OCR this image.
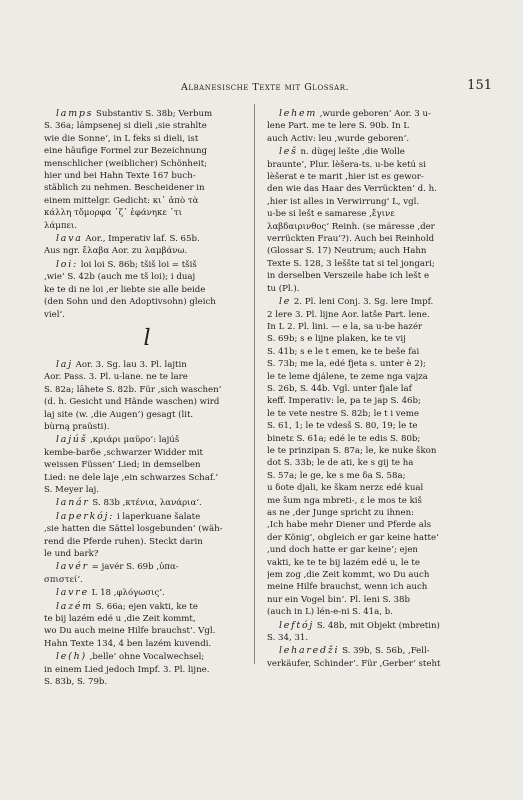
Albanesische Texte mit Glossar.	151
lamps Substantiv S. 38b; Verbum
S. 36a; lámpsenej si dieli ,sie strahlte
wie die Sonne‘, in L feks si dieli, ist
eine häufige Formel zur Bezeichnung
menschlicher (weiblicher) Schönheit;
hier und bei Hahn Texte 167 buch-
stäblich zu nehmen. Bescheidener in
einem mittelgr. Gedicht: κι᾽ ἀπὸ τὰ
κάλλη τὄμορφα ᾽ζ᾽ ἐφάνηκε ᾽τι
λάμπει.
lava Aor., Imperativ laf. S. 65b.
Aus ngr. ἔλαβα Aor. zu λαμβάνω.
loi: loi loi S. 86b; tšiš loi = tšiš
,wie‘ S. 42b (auch me tš loi); i duaj
ke te di ne loi ,er liebte sie alle beide
(den Sohn und den Adoptivsohn) gleich
viel‘.
l
laj Aor. 3. Sg. lau 3. Pl. lajtin
Aor. Pass. 3. Pl. u-lane. ne te lare
S. 82a; lāhete S. 82b. Für ,sich waschen‘
(d. h. Gesicht und Hände waschen) wird
laj site (w. ,die Augen‘) gesagt (lit.
bùrną praũsti).
lajúš ,κριάρι μαῦρο‘: lajúš
kembe-barδe ,schwarzer Widder mit
weissen Füssen‘ Lied; in demselben
Lied: ne dele laje ,ein schwarzes Schaf.‘
S. Meyer laj.
lanár S. 83b ,κτένια, λανάρια‘.
laperkój: i laperkuane šalate
,sie hatten die Sättel losgebunden‘ (wäh-
rend die Pferde ruhen). Steckt darin
le und bark?
lavér = javér S. 69b ,ὑπα-
σπιστεί‘.
lavre L 18 ,φλόγωσις‘.
lazém S. 66a; ejen vakti, ke te
te bij lazém edé u ,die Zeit kommt,
wo Du auch meine Hilfe brauchst‘. Vgl.
Hahn Texte 134, 4 ben lazém kuvendi.
le(h) ,belle‘ ohne Vocalwechsel;
in einem Lied jedoch Impf. 3. Pl. lijne.
S. 83b, S. 79b.
lehem ,wurde geboren‘ Aor. 3 u-
lene Part. me te lere S. 90b. In L
auch Activ: leu ,wurde geboren‘.
leš n. dùgej lešte ,die Wolle
braunte‘, Plur. lèšera-ts. u-be ketú si
lèšerat e te marit ,hier ist es gewor-
den wie das Haar des Verrückten‘ d. h.
,hier ist alles in Verwirrung‘ L, vgl.
u-be si lešt e samarese ,ἔγινε
λαβδαιρινθος‘ Reinh. (se máresse ,der
verrückten Frau‘?). Auch bei Reinhold
(Glossar S. 17) Neutrum; auch Hahn
Texte S. 128, 3 leššte tat si tel jongari;
in derselben Verszeile habe ich lešt e
tu (Pl.).
le 2. Pl. leni Conj. 3. Sg. lere Impf.
2 lere 3. Pl. lijne Aor. latše Part. lene.
In L 2. Pl. lini. — e la, sa u-be hazér
S. 69b; s e lijne plaken, ke te vij
S. 41b; s e le t emen, ke te beše fai
S. 73b; me la, edé fjeta s. unter è 2);
le te leme djálene, te zeme nga vajza
S. 26b, S. 44b. Vgl. unter fjale laf
keff. Imperativ: le, pa te jap S. 46b;
le te vete nestre S. 82b; le t i veme
S. 61, 1; le te vdesš S. 80, 19; le te
binetε S. 61a; edé le te edis S. 80b;
le te prinzipan S. 87a; le, ke nuke škon
dot S. 33b; le de ati, ke s gij te ha
S. 57a; le ge, ke s me δa S. 58a;
u δote djali, ke škam nerzε edé kual
me šum nga mbreti-, ε le mos te kiš
as ne ,der Junge spricht zu ihnen:
,Ich habe mehr Diener und Pferde als
der König‘, obgleich er gar keine hatte‘
,und doch hatte er gar keine‘; ejen
vakti, ke te te bij lazém edé u, le te
jem zog ,die Zeit kommt, wo Du auch
meine Hilfe brauchst, wenn ich auch
nur ein Vogel bin‘. Pl. leni S. 38b
(auch in L) lén-e-ni S. 41a, b.
leftój S. 48b, mit Objekt (mbretin)
S. 34, 31.
leharedži S. 39b, S. 56b, ,Fell-
verkäufer, Schinder‘. Für ,Gerber‘ steht
